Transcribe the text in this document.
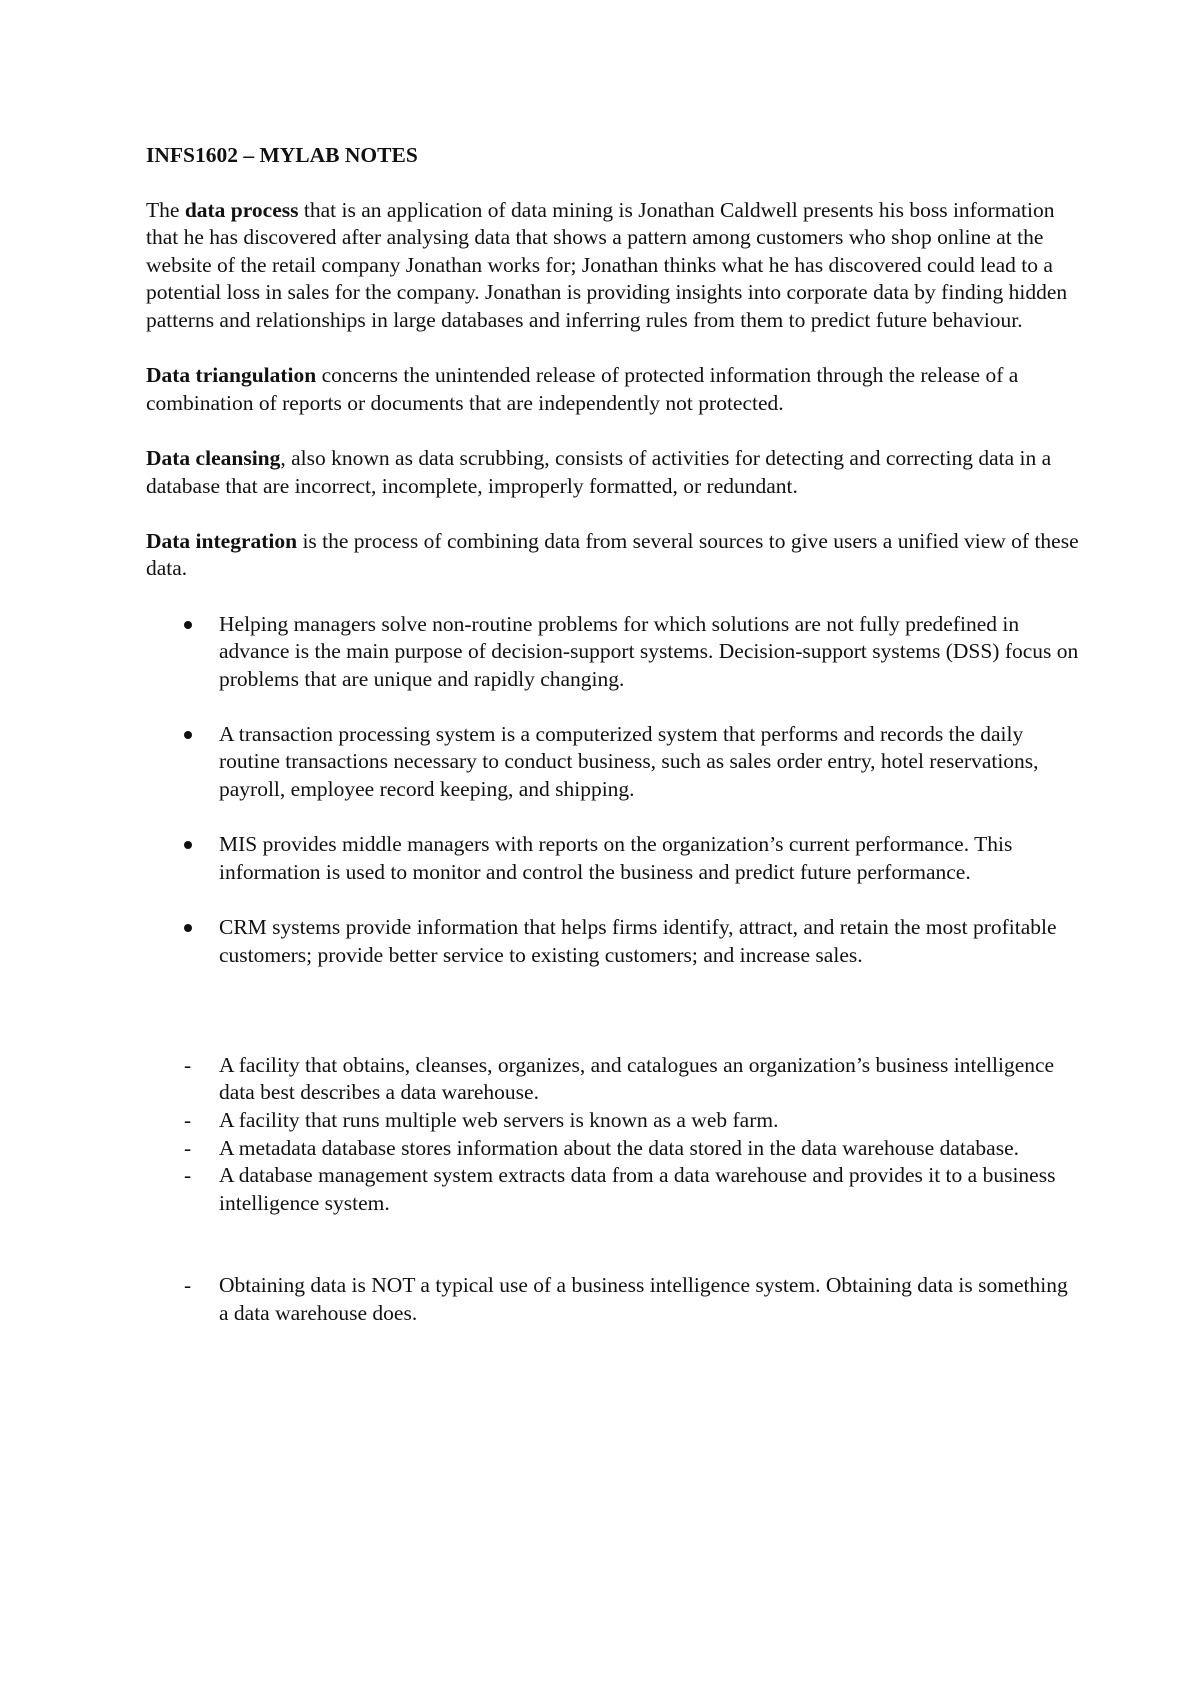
INFS1602 – MYLAB NOTES

The data process that is an application of data mining is Jonathan Caldwell presents his boss information that he has discovered after analysing data that shows a pattern among customers who shop online at the website of the retail company Jonathan works for; Jonathan thinks what he has discovered could lead to a potential loss in sales for the company. Jonathan is providing insights into corporate data by finding hidden patterns and relationships in large databases and inferring rules from them to predict future behaviour.

Data triangulation concerns the unintended release of protected information through the release of a combination of reports or documents that are independently not protected.

Data cleansing, also known as data scrubbing, consists of activities for detecting and correcting data in a database that are incorrect, incomplete, improperly formatted, or redundant.

Data integration is the process of combining data from several sources to give users a unified view of these data.

Helping managers solve non-routine problems for which solutions are not fully predefined in advance is the main purpose of decision-support systems. Decision-support systems (DSS) focus on problems that are unique and rapidly changing.
A transaction processing system is a computerized system that performs and records the daily routine transactions necessary to conduct business, such as sales order entry, hotel reservations, payroll, employee record keeping, and shipping.
MIS provides middle managers with reports on the organization’s current performance. This information is used to monitor and control the business and predict future performance.
CRM systems provide information that helps firms identify, attract, and retain the most profitable customers; provide better service to existing customers; and increase sales.
- A facility that obtains, cleanses, organizes, and catalogues an organization’s business intelligence data best describes a data warehouse.
- A facility that runs multiple web servers is known as a web farm.
- A metadata database stores information about the data stored in the data warehouse database.
- A database management system extracts data from a data warehouse and provides it to a business intelligence system.
- Obtaining data is NOT a typical use of a business intelligence system. Obtaining data is something a data warehouse does.
